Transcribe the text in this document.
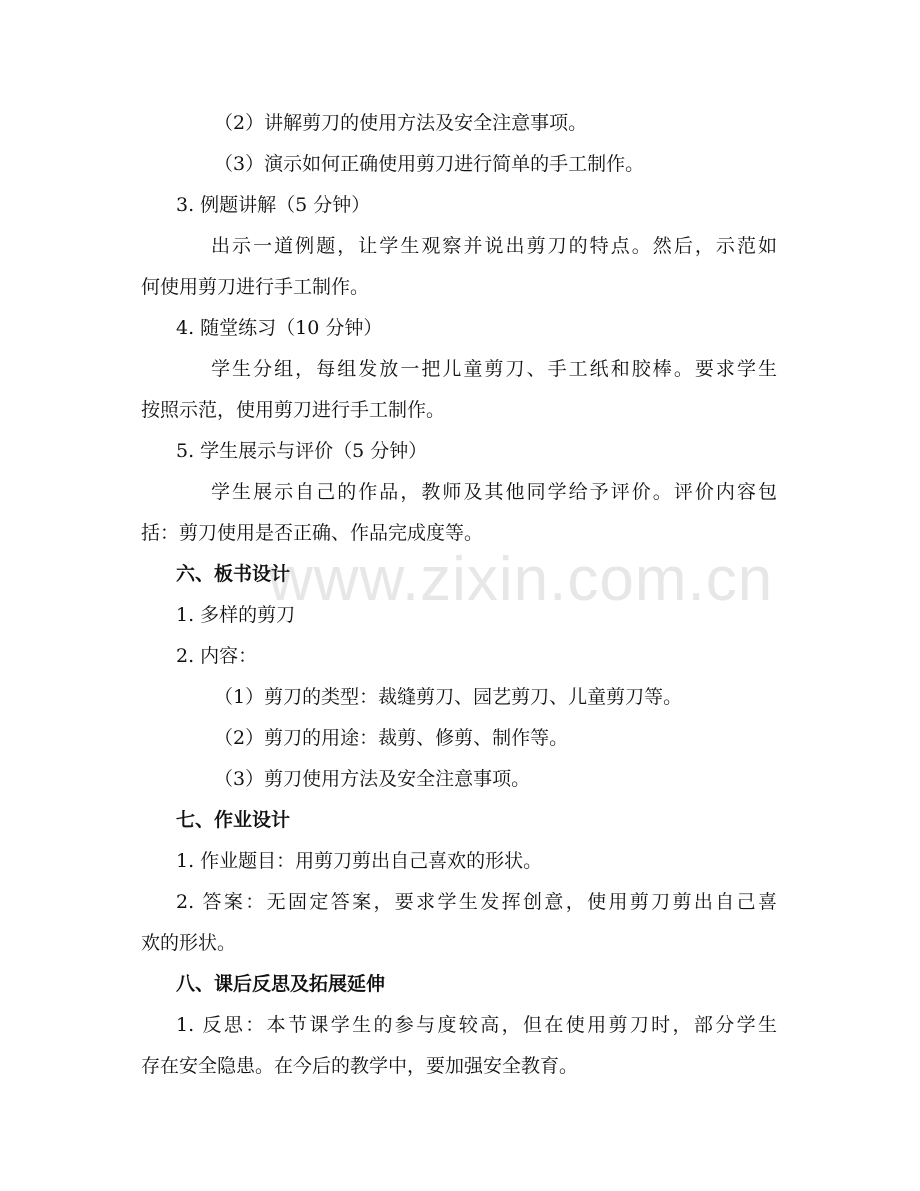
www.zixin.com.cn
（2）讲解剪刀的使用方法及安全注意事项。
（3）演示如何正确使用剪刀进行简单的手工制作。
3. 例题讲解（5 分钟）
出示一道例题，让学生观察并说出剪刀的特点。然后，示范如
何使用剪刀进行手工制作。
4. 随堂练习（10 分钟）
学生分组，每组发放一把儿童剪刀、手工纸和胶棒。要求学生
按照示范，使用剪刀进行手工制作。
5. 学生展示与评价（5 分钟）
学生展示自己的作品，教师及其他同学给予评价。评价内容包
括：剪刀使用是否正确、作品完成度等。
六、板书设计
1. 多样的剪刀
2. 内容：
（1）剪刀的类型：裁缝剪刀、园艺剪刀、儿童剪刀等。
（2）剪刀的用途：裁剪、修剪、制作等。
（3）剪刀使用方法及安全注意事项。
七、作业设计
1. 作业题目：用剪刀剪出自己喜欢的形状。
2. 答案：无固定答案，要求学生发挥创意，使用剪刀剪出自己喜
欢的形状。
八、课后反思及拓展延伸
1. 反思：本节课学生的参与度较高，但在使用剪刀时，部分学生
存在安全隐患。在今后的教学中，要加强安全教育。
